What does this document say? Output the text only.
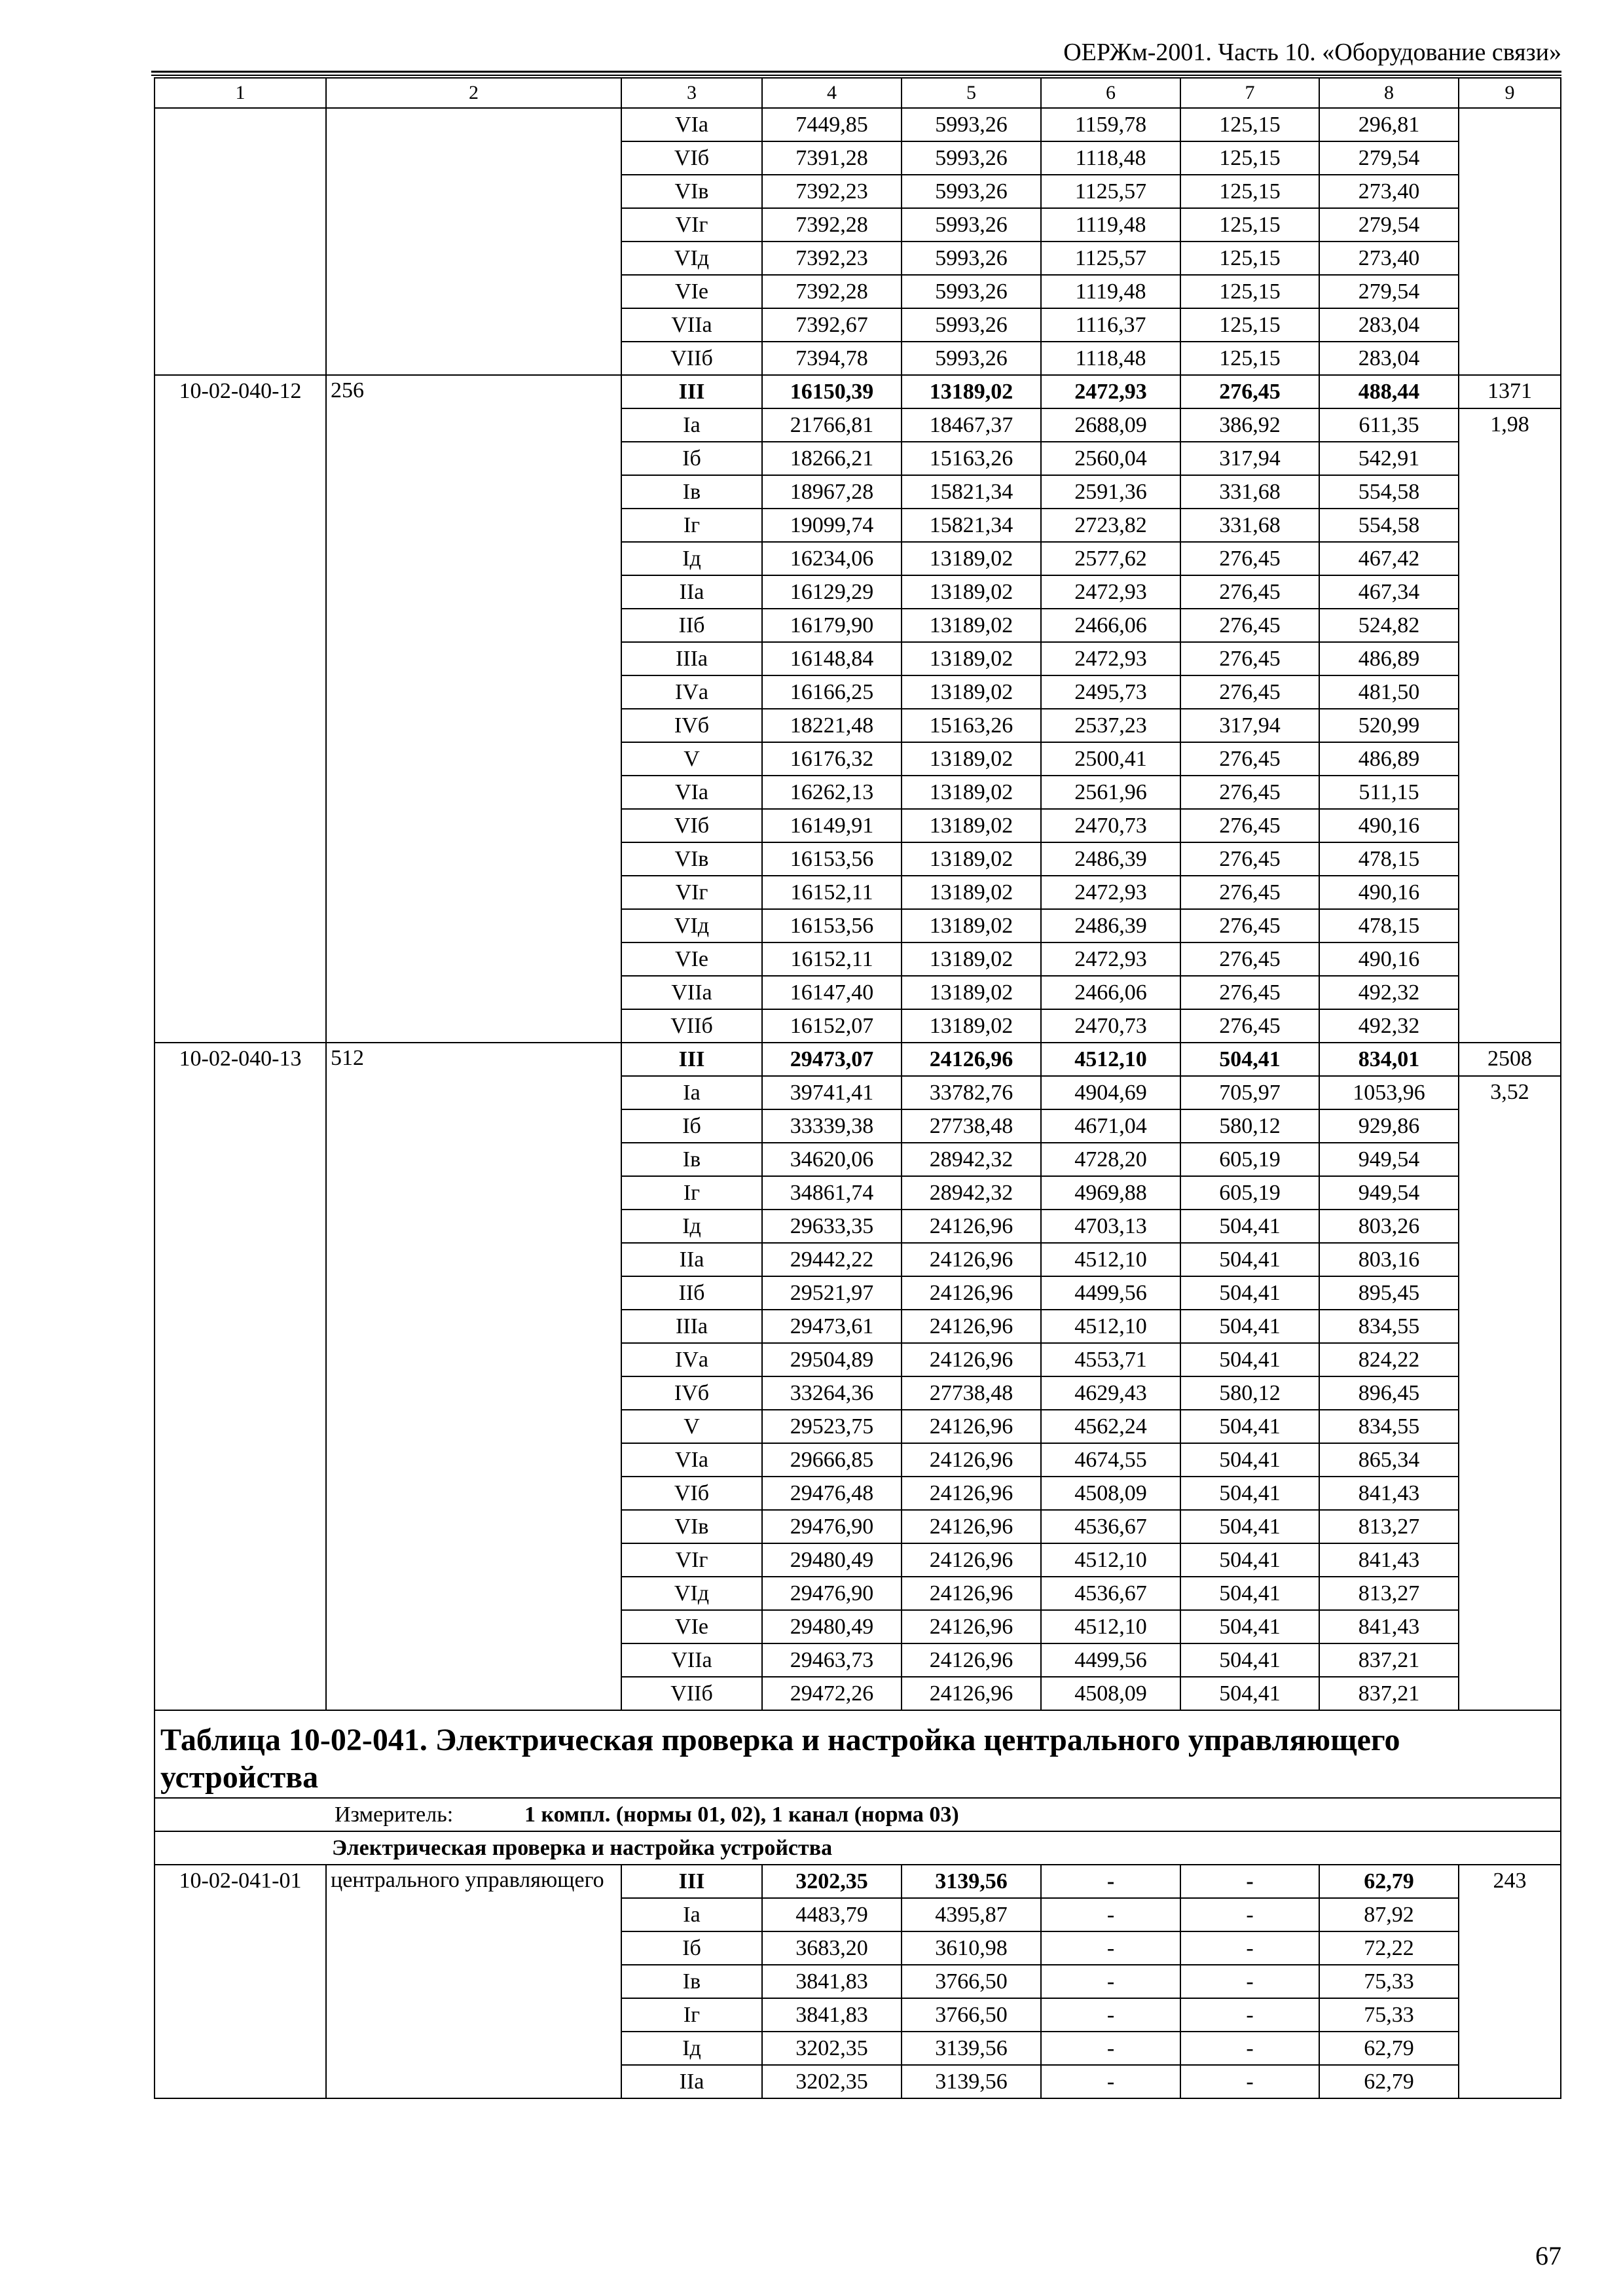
ОЕРЖм-2001. Часть 10. «Оборудование связи»
1	2	3	4	5	6	7	8	9
		VIа	7449,85	5993,26	1159,78	125,15	296,81	
		VIб	7391,28	5993,26	1118,48	125,15	279,54	
		VIв	7392,23	5993,26	1125,57	125,15	273,40	
		VIг	7392,28	5993,26	1119,48	125,15	279,54	
		VIд	7392,23	5993,26	1125,57	125,15	273,40	
		VIе	7392,28	5993,26	1119,48	125,15	279,54	
		VIIа	7392,67	5993,26	1116,37	125,15	283,04	
		VIIб	7394,78	5993,26	1118,48	125,15	283,04	
10-02-040-12	256	III	16150,39	13189,02	2472,93	276,45	488,44	1371
		Iа	21766,81	18467,37	2688,09	386,92	611,35	1,98
		Iб	18266,21	15163,26	2560,04	317,94	542,91	
		Iв	18967,28	15821,34	2591,36	331,68	554,58	
		Iг	19099,74	15821,34	2723,82	331,68	554,58	
		Iд	16234,06	13189,02	2577,62	276,45	467,42	
		IIа	16129,29	13189,02	2472,93	276,45	467,34	
		IIб	16179,90	13189,02	2466,06	276,45	524,82	
		IIIа	16148,84	13189,02	2472,93	276,45	486,89	
		IVа	16166,25	13189,02	2495,73	276,45	481,50	
		IVб	18221,48	15163,26	2537,23	317,94	520,99	
		V	16176,32	13189,02	2500,41	276,45	486,89	
		VIа	16262,13	13189,02	2561,96	276,45	511,15	
		VIб	16149,91	13189,02	2470,73	276,45	490,16	
		VIв	16153,56	13189,02	2486,39	276,45	478,15	
		VIг	16152,11	13189,02	2472,93	276,45	490,16	
		VIд	16153,56	13189,02	2486,39	276,45	478,15	
		VIе	16152,11	13189,02	2472,93	276,45	490,16	
		VIIа	16147,40	13189,02	2466,06	276,45	492,32	
		VIIб	16152,07	13189,02	2470,73	276,45	492,32	
10-02-040-13	512	III	29473,07	24126,96	4512,10	504,41	834,01	2508
		Iа	39741,41	33782,76	4904,69	705,97	1053,96	3,52
		Iб	33339,38	27738,48	4671,04	580,12	929,86	
		Iв	34620,06	28942,32	4728,20	605,19	949,54	
		Iг	34861,74	28942,32	4969,88	605,19	949,54	
		Iд	29633,35	24126,96	4703,13	504,41	803,26	
		IIа	29442,22	24126,96	4512,10	504,41	803,16	
		IIб	29521,97	24126,96	4499,56	504,41	895,45	
		IIIа	29473,61	24126,96	4512,10	504,41	834,55	
		IVа	29504,89	24126,96	4553,71	504,41	824,22	
		IVб	33264,36	27738,48	4629,43	580,12	896,45	
		V	29523,75	24126,96	4562,24	504,41	834,55	
		VIа	29666,85	24126,96	4674,55	504,41	865,34	
		VIб	29476,48	24126,96	4508,09	504,41	841,43	
		VIв	29476,90	24126,96	4536,67	504,41	813,27	
		VIг	29480,49	24126,96	4512,10	504,41	841,43	
		VIд	29476,90	24126,96	4536,67	504,41	813,27	
		VIе	29480,49	24126,96	4512,10	504,41	841,43	
		VIIа	29463,73	24126,96	4499,56	504,41	837,21	
		VIIб	29472,26	24126,96	4508,09	504,41	837,21	
Таблица 10-02-041. Электрическая проверка и настройка центрального управляющего устройства								
Измеритель: 1 компл. (нормы 01, 02), 1 канал (норма 03)								
Электрическая проверка и настройка устройства								
10-02-041-01	центрального управляющего	III	3202,35	3139,56	-	-	62,79	243
		Iа	4483,79	4395,87	-	-	87,92	
		Iб	3683,20	3610,98	-	-	72,22	
		Iв	3841,83	3766,50	-	-	75,33	
		Iг	3841,83	3766,50	-	-	75,33	
		Iд	3202,35	3139,56	-	-	62,79	
		IIа	3202,35	3139,56	-	-	62,79	
67
